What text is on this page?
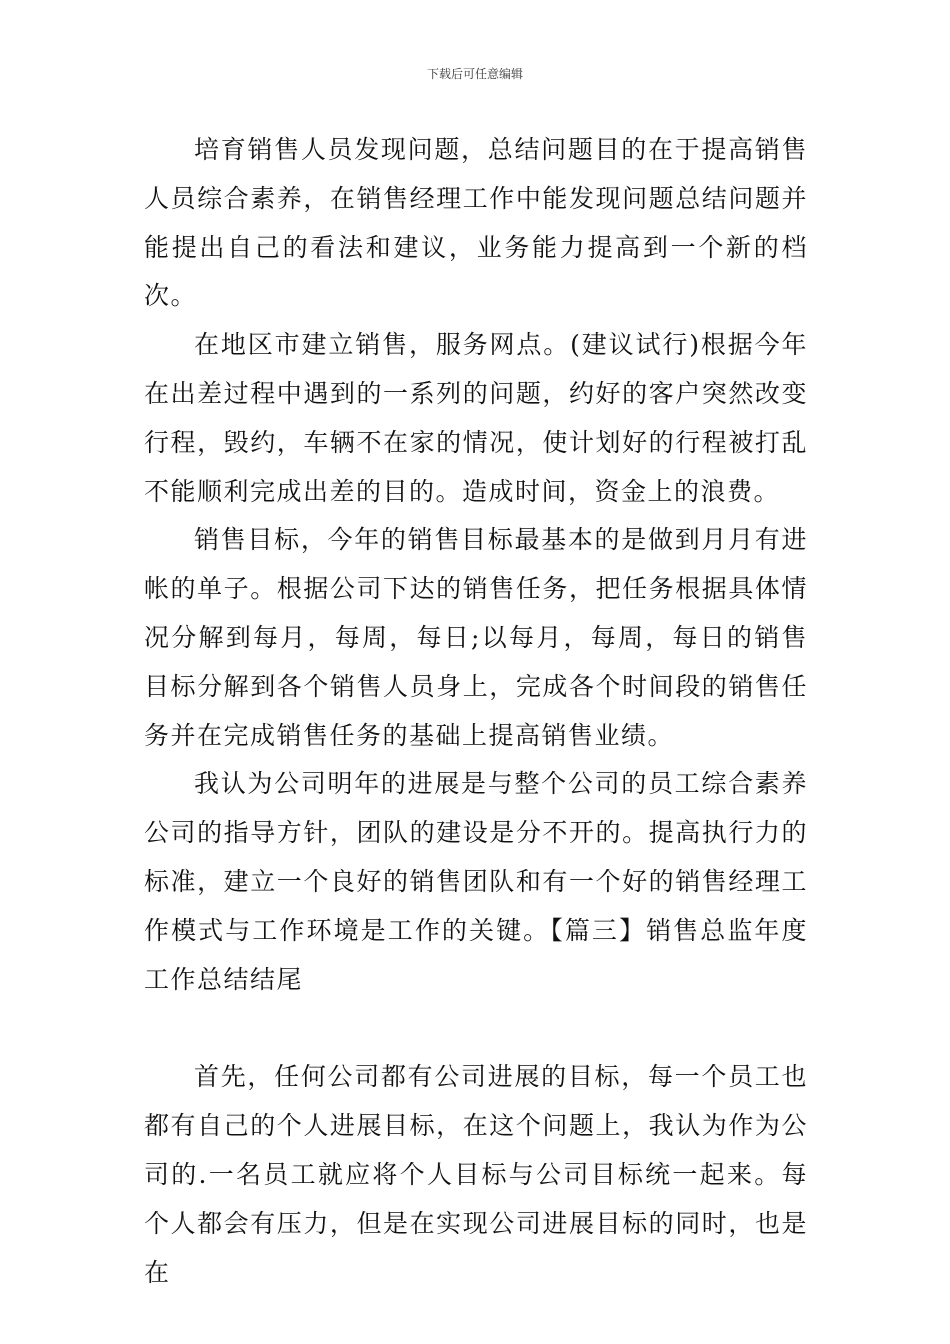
下载后可任意编辑

培育销售人员发现问题，总结问题目的在于提高销售人员综合素养，在销售经理工作中能发现问题总结问题并能提出自己的看法和建议，业务能力提高到一个新的档次。

在地区市建立销售，服务网点。(建议试行)根据今年在出差过程中遇到的一系列的问题，约好的客户突然改变行程，毁约，车辆不在家的情况，使计划好的行程被打乱不能顺利完成出差的目的。造成时间，资金上的浪费。

销售目标，今年的销售目标最基本的是做到月月有进帐的单子。根据公司下达的销售任务，把任务根据具体情况分解到每月，每周，每日;以每月，每周，每日的销售目标分解到各个销售人员身上，完成各个时间段的销售任务并在完成销售任务的基础上提高销售业绩。

我认为公司明年的进展是与整个公司的员工综合素养公司的指导方针，团队的建设是分不开的。提高执行力的标准，建立一个良好的销售团队和有一个好的销售经理工作模式与工作环境是工作的关键。【篇三】销售总监年度工作总结结尾

首先，任何公司都有公司进展的目标，每一个员工也都有自己的个人进展目标，在这个问题上，我认为作为公司的.一名员工就应将个人目标与公司目标统一起来。每个人都会有压力，但是在实现公司进展目标的同时，也是在
